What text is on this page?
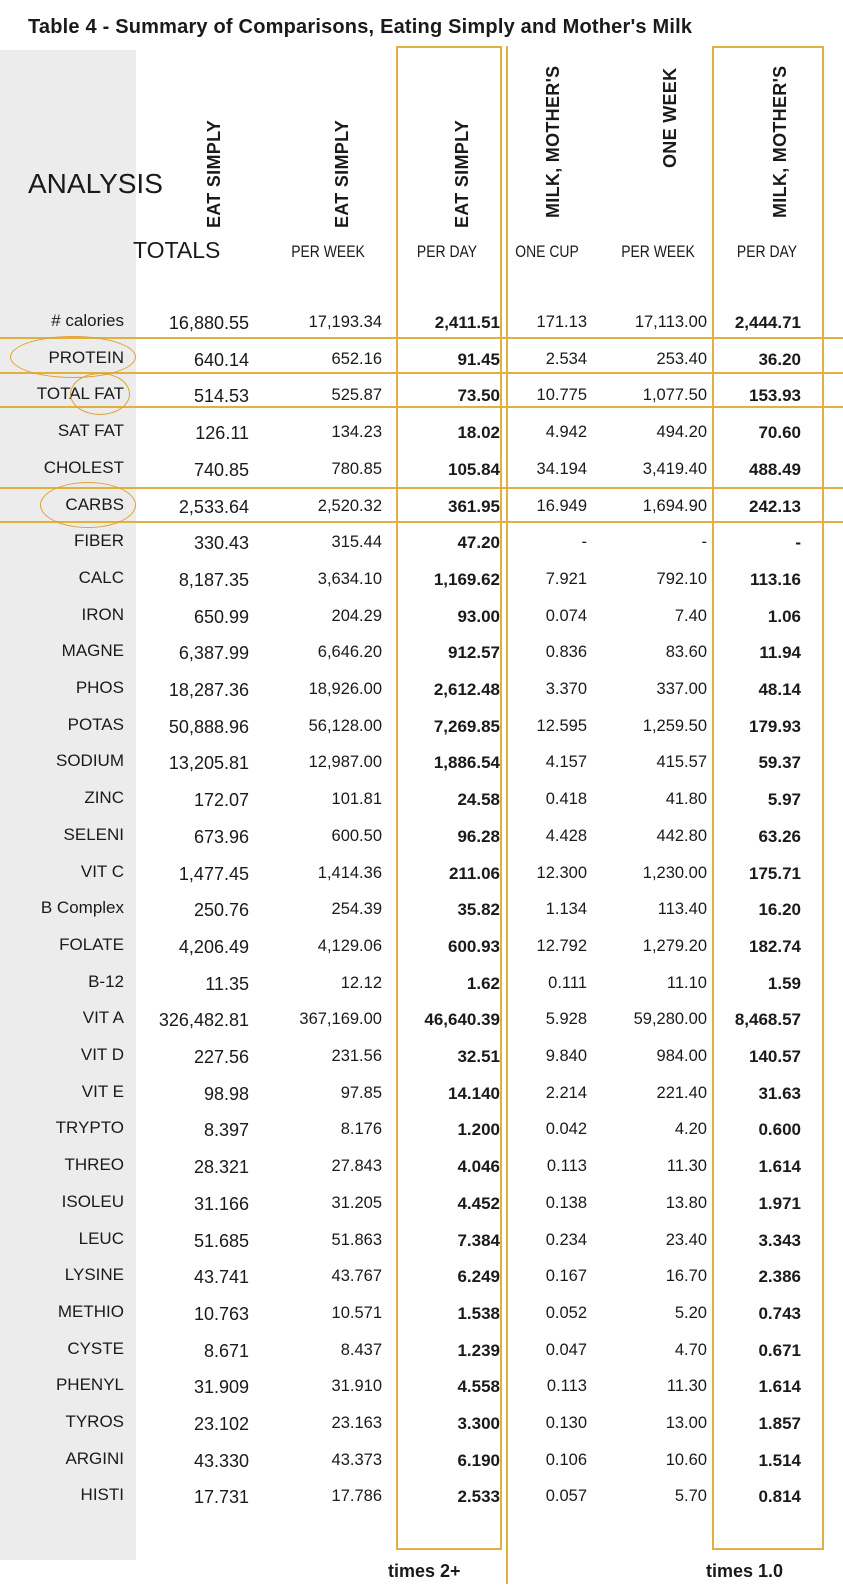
Table 4 - Summary of Comparisons, Eating Simply and Mother's Milk
ANALYSIS
TOTALS
EAT SIMPLY	EAT SIMPLY	EAT SIMPLY	MILK, MOTHER'S	ONE WEEK	MILK, MOTHER'S
PER WEEK	PER DAY	ONE CUP	PER WEEK	PER DAY
# calories 16,880.55	17,193.34	2,411.51 171.13	17,113.00 2,444.71
PROTEIN	640.14	652.16	91.45	2.534	253.40	36.20
TOTAL FAT	514.53	525.87	73.50 10.775	1,077.50 153.93
SAT FAT	126.11	134.23	18.02	4.942	494.20	70.60
CHOLEST	740.85	780.85	105.84 34.194	3,419.40 488.49
CARBS	2,533.64	2,520.32	361.95 16.949	1,694.90 242.13
FIBER	330.43	315.44	47.20	-	-	-
CALC	8,187.35	3,634.10	1,169.62	7.921	792.10	113.16
IRON	650.99	204.29	93.00	0.074	7.40	1.06
MAGNE	6,387.99	6,646.20	912.57	0.836	83.60	11.94
PHOS 18,287.36	18,926.00	2,612.48	3.370	337.00	48.14
POTAS 50,888.96	56,128.00	7,269.85 12.595	1,259.50 179.93
SODIUM 13,205.81	12,987.00	1,886.54	4.157	415.57	59.37
ZINC	172.07	101.81	24.58	0.418	41.80	5.97
SELENI	673.96	600.50	96.28	4.428	442.80	63.26
VIT C	1,477.45	1,414.36	211.06 12.300	1,230.00 175.71
B Complex	250.76	254.39	35.82	1.134	113.40	16.20
FOLATE	4,206.49	4,129.06	600.93 12.792	1,279.20 182.74
B-12	11.35	12.12	1.62	0.111	11.10	1.59
VIT A 326,482.81	367,169.00 46,640.39	5.928	59,280.00 8,468.57
VIT D	227.56	231.56	32.51	9.840	984.00 140.57
VIT E	98.98	97.85	14.140	2.214	221.40	31.63
TRYPTO	8.397	8.176	1.200	0.042	4.20	0.600
THREO	28.321	27.843	4.046	0.113	11.30	1.614
ISOLEU	31.166	31.205	4.452	0.138	13.80	1.971
LEUC	51.685	51.863	7.384	0.234	23.40	3.343
LYSINE	43.741	43.767	6.249	0.167	16.70	2.386
METHIO	10.763	10.571	1.538	0.052	5.20	0.743
CYSTE	8.671	8.437	1.239	0.047	4.70	0.671
PHENYL	31.909	31.910	4.558	0.113	11.30	1.614
TYROS	23.102	23.163	3.300	0.130	13.00	1.857
ARGINI	43.330	43.373	6.190	0.106	10.60	1.514
HISTI	17.731	17.786	2.533	0.057	5.70	0.814
times 2+	times 1.0
